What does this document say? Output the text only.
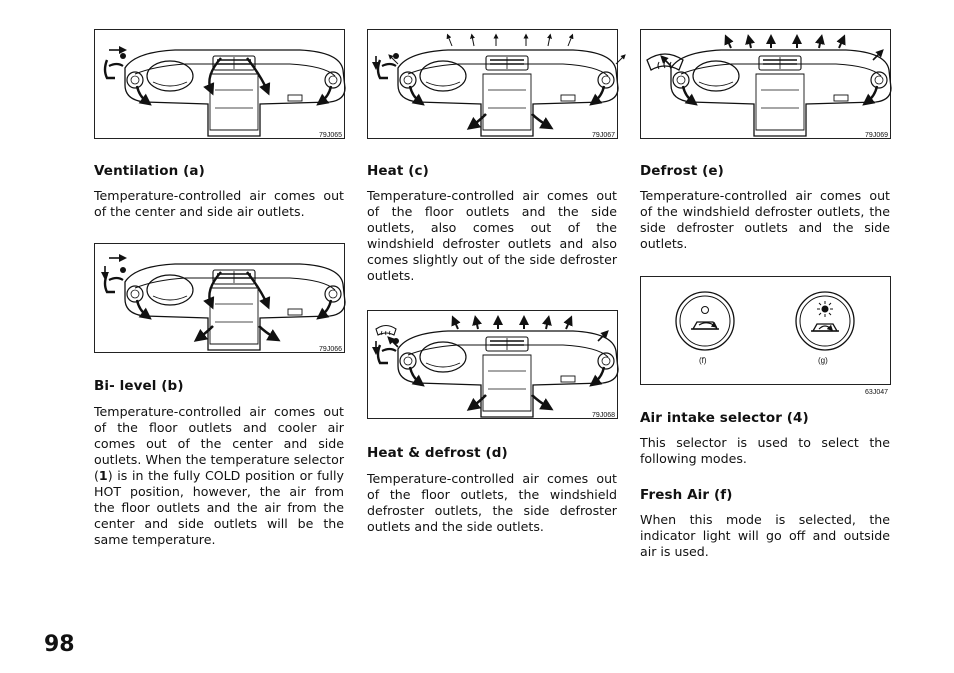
79J065
Ventilation (a)
Temperature-controlled air comes out of the center and side air outlets.
79J066
Bi- level (b)
Temperature-controlled air comes out of the floor outlets and cooler air comes out of the center and side outlets. When the temperature selector (1) is in the fully COLD position or fully HOT position, however, the air from the floor outlets and the air from the center and side outlets will be the same temperature.
79J067
Heat (c)
Temperature-controlled air comes out of the floor outlets and the side outlets, also comes out of the windshield defroster outlets and also comes slightly out of the side defroster outlets.
79J068
Heat & defrost (d)
Temperature-controlled air comes out of the floor outlets, the windshield defroster outlets, the side defroster outlets and the side outlets.
79J069
Defrost (e)
Temperature-controlled air comes out of the windshield defroster outlets, the side defroster outlets and the side outlets.
(f)	(g)
63J047
Air intake selector (4)
This selector is used to select the following modes.
Fresh Air (f)
When this mode is selected, the indicator light will go off and outside air is used.
98
